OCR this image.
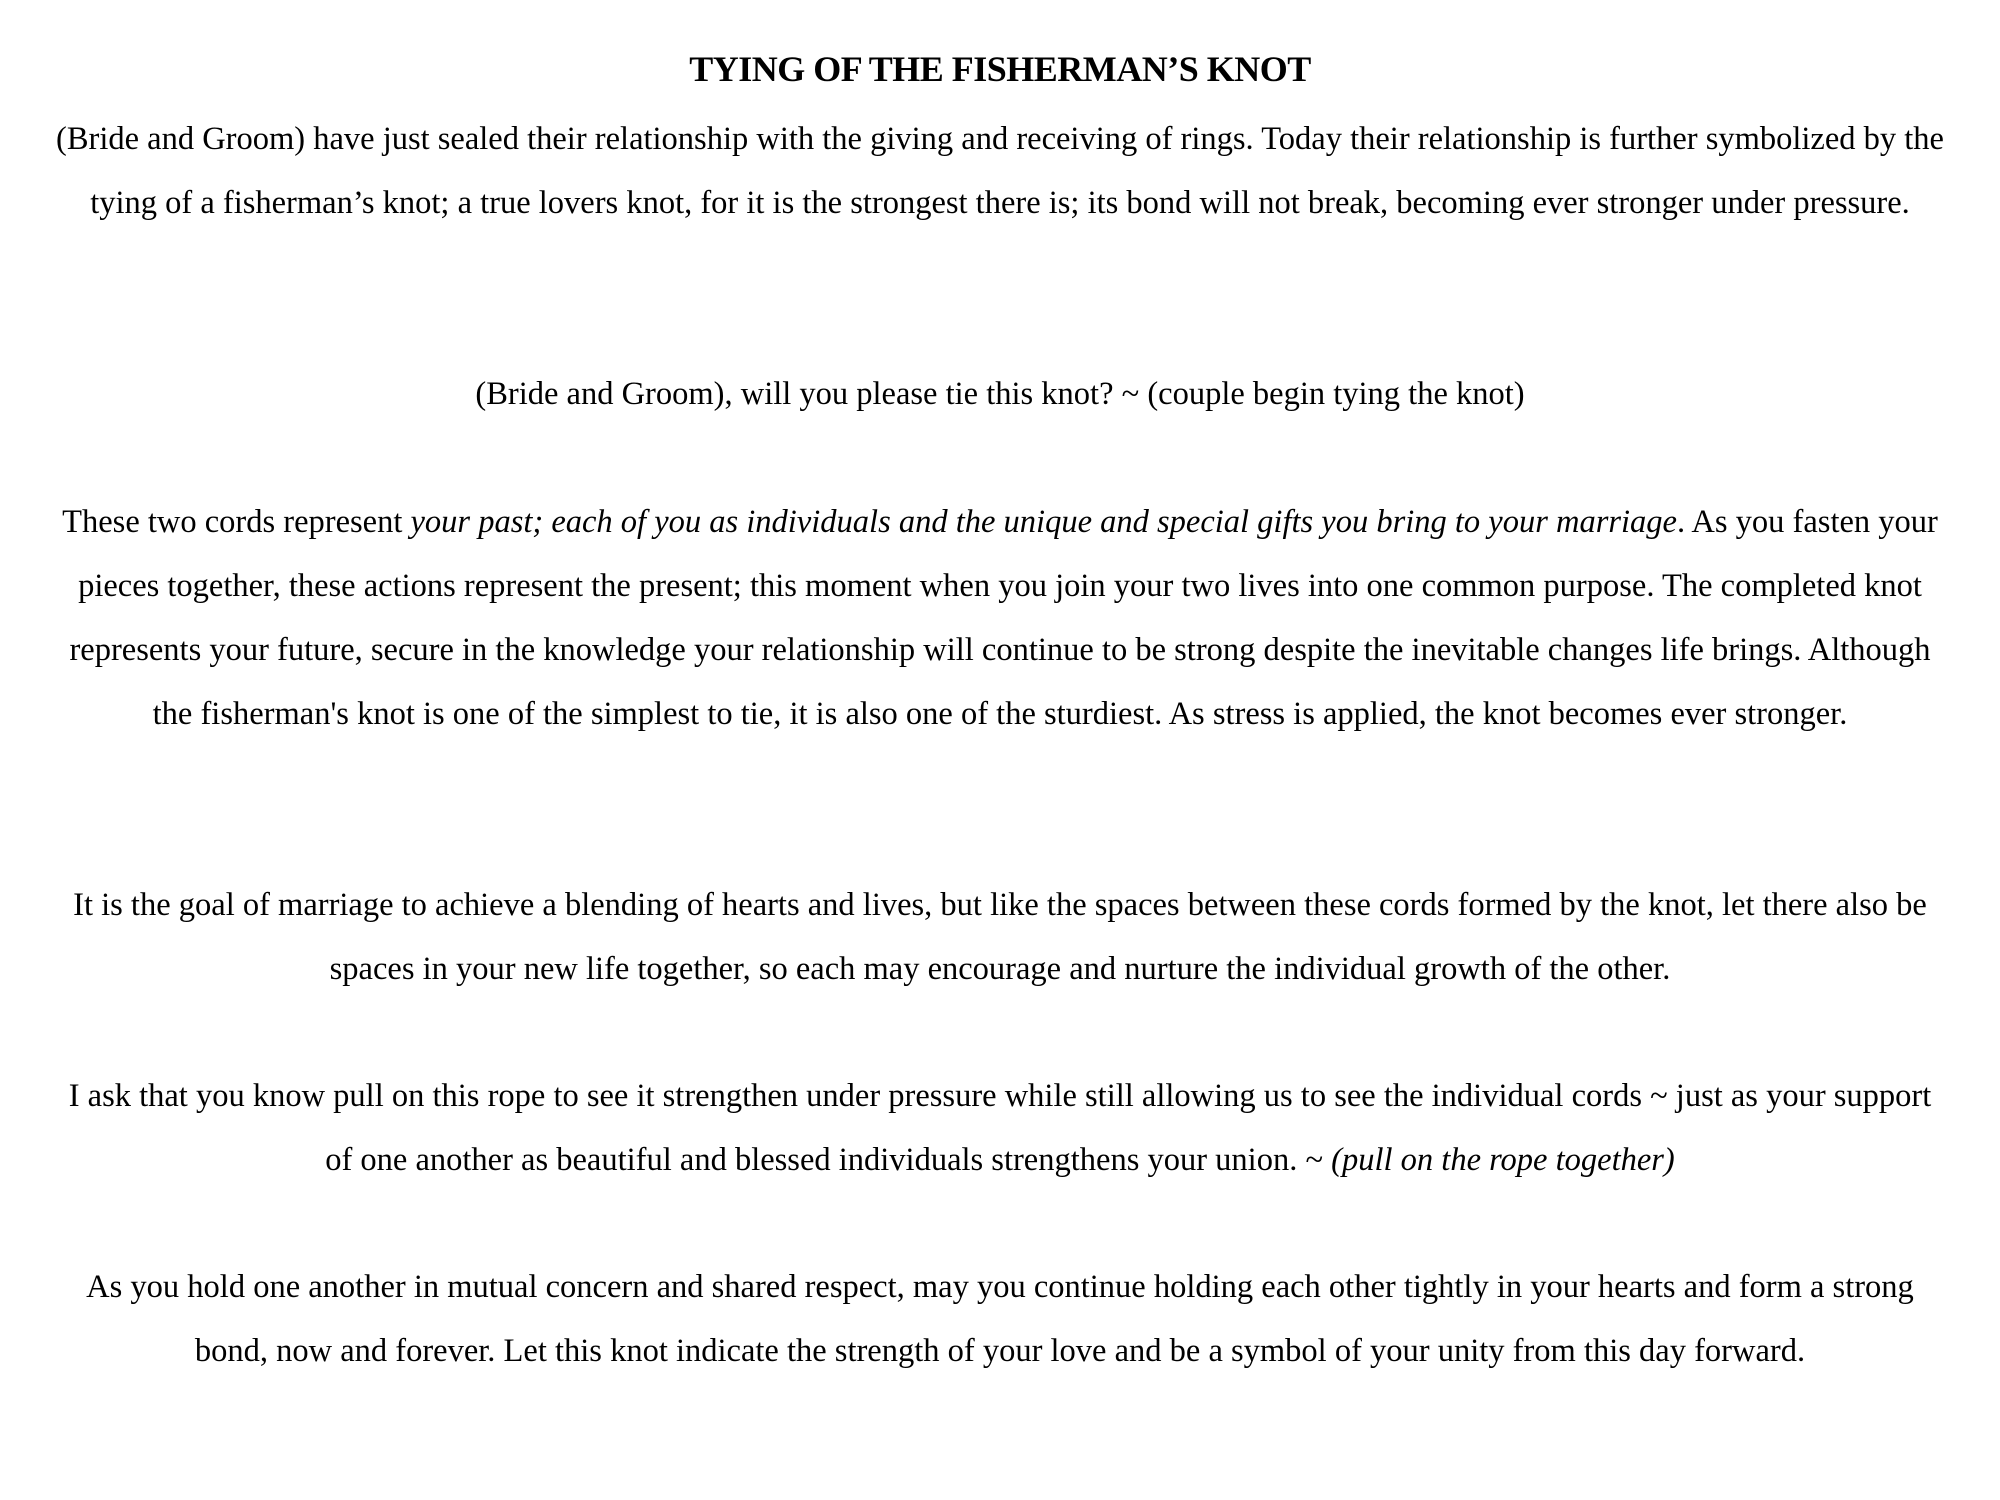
TYING OF THE FISHERMAN’S KNOT

(Bride and Groom) have just sealed their relationship with the giving and receiving of rings. Today their relationship is further symbolized by the tying of a fisherman’s knot; a true lovers knot, for it is the strongest there is; its bond will not break, becoming ever stronger under pressure.

(Bride and Groom), will you please tie this knot? ~ (couple begin tying the knot)

These two cords represent your past; each of you as individuals and the unique and special gifts you bring to your marriage. As you fasten your pieces together, these actions represent the present; this moment when you join your two lives into one common purpose. The completed knot represents your future, secure in the knowledge your relationship will continue to be strong despite the inevitable changes life brings. Although the fisherman's knot is one of the simplest to tie, it is also one of the sturdiest. As stress is applied, the knot becomes ever stronger.

It is the goal of marriage to achieve a blending of hearts and lives, but like the spaces between these cords formed by the knot, let there also be spaces in your new life together, so each may encourage and nurture the individual growth of the other.

I ask that you know pull on this rope to see it strengthen under pressure while still allowing us to see the individual cords ~ just as your support of one another as beautiful and blessed individuals strengthens your union. ~ (pull on the rope together)

As you hold one another in mutual concern and shared respect, may you continue holding each other tightly in your hearts and form a strong bond, now and forever. Let this knot indicate the strength of your love and be a symbol of your unity from this day forward.
